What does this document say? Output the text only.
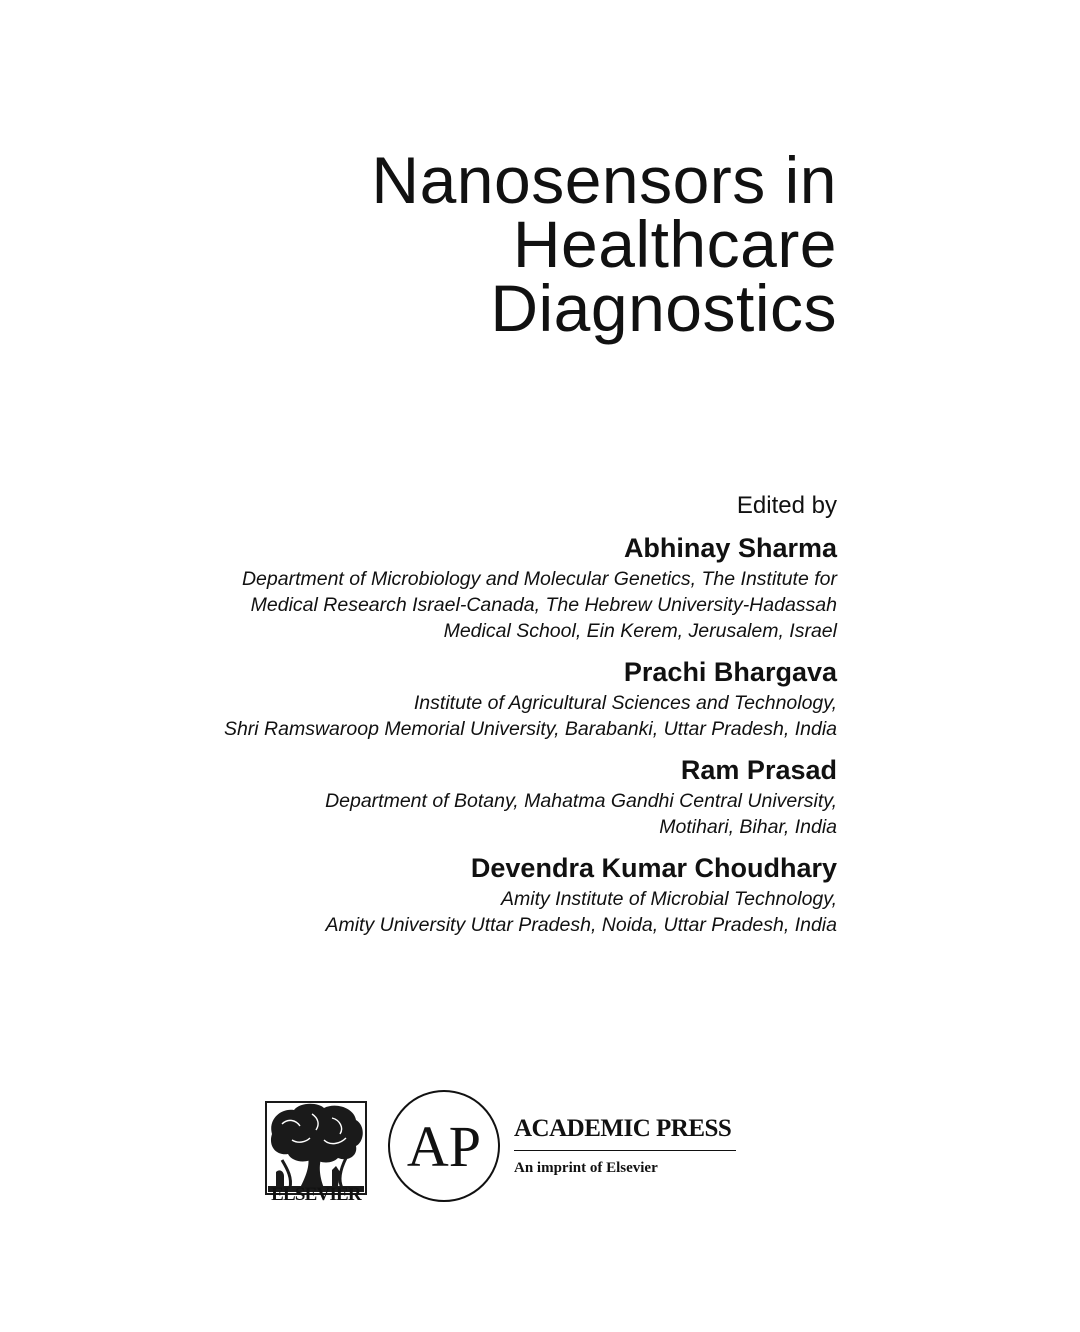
Nanosensors in
Healthcare
Diagnostics
Edited by
Abhinay Sharma
Department of Microbiology and Molecular Genetics, The Institute for
Medical Research Israel-Canada, The Hebrew University-Hadassah
Medical School, Ein Kerem, Jerusalem, Israel
Prachi Bhargava
Institute of Agricultural Sciences and Technology,
Shri Ramswaroop Memorial University, Barabanki, Uttar Pradesh, India
Ram Prasad
Department of Botany, Mahatma Gandhi Central University,
Motihari, Bihar, India
Devendra Kumar Choudhary
Amity Institute of Microbial Technology,
Amity University Uttar Pradesh, Noida, Uttar Pradesh, India
ELSEVIER
AP ACADEMIC PRESS
An imprint of Elsevier
